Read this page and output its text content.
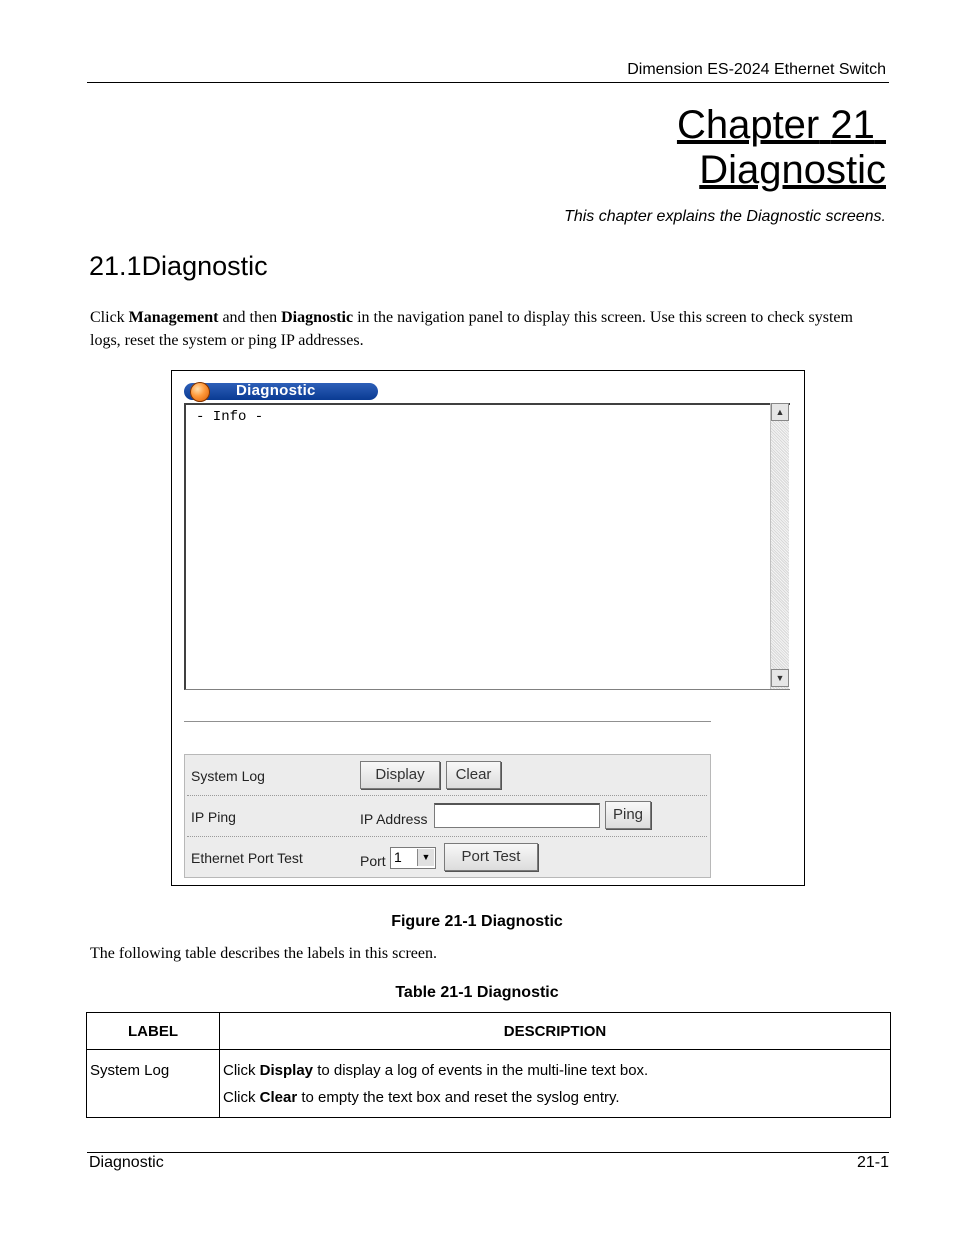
Dimension ES-2024 Ethernet Switch
Chapter 21
Diagnostic
This chapter explains the Diagnostic screens.
21.1Diagnostic
Click Management and then Diagnostic in the navigation panel to display this screen. Use this screen to check system logs, reset the system or ping IP addresses.
Diagnostic
- Info -	▲
▼
System Log	Display	Clear
IP Ping	IP Address	Ping
Ethernet Port Test	Port 1	▼	Port Test
Figure 21-1 Diagnostic
The following table describes the labels in this screen.
Table 21-1 Diagnostic
LABEL	DESCRIPTION
System Log	Click Display to display a log of events in the multi-line text box.
Click Clear to empty the text box and reset the syslog entry.
Diagnostic	21-1
